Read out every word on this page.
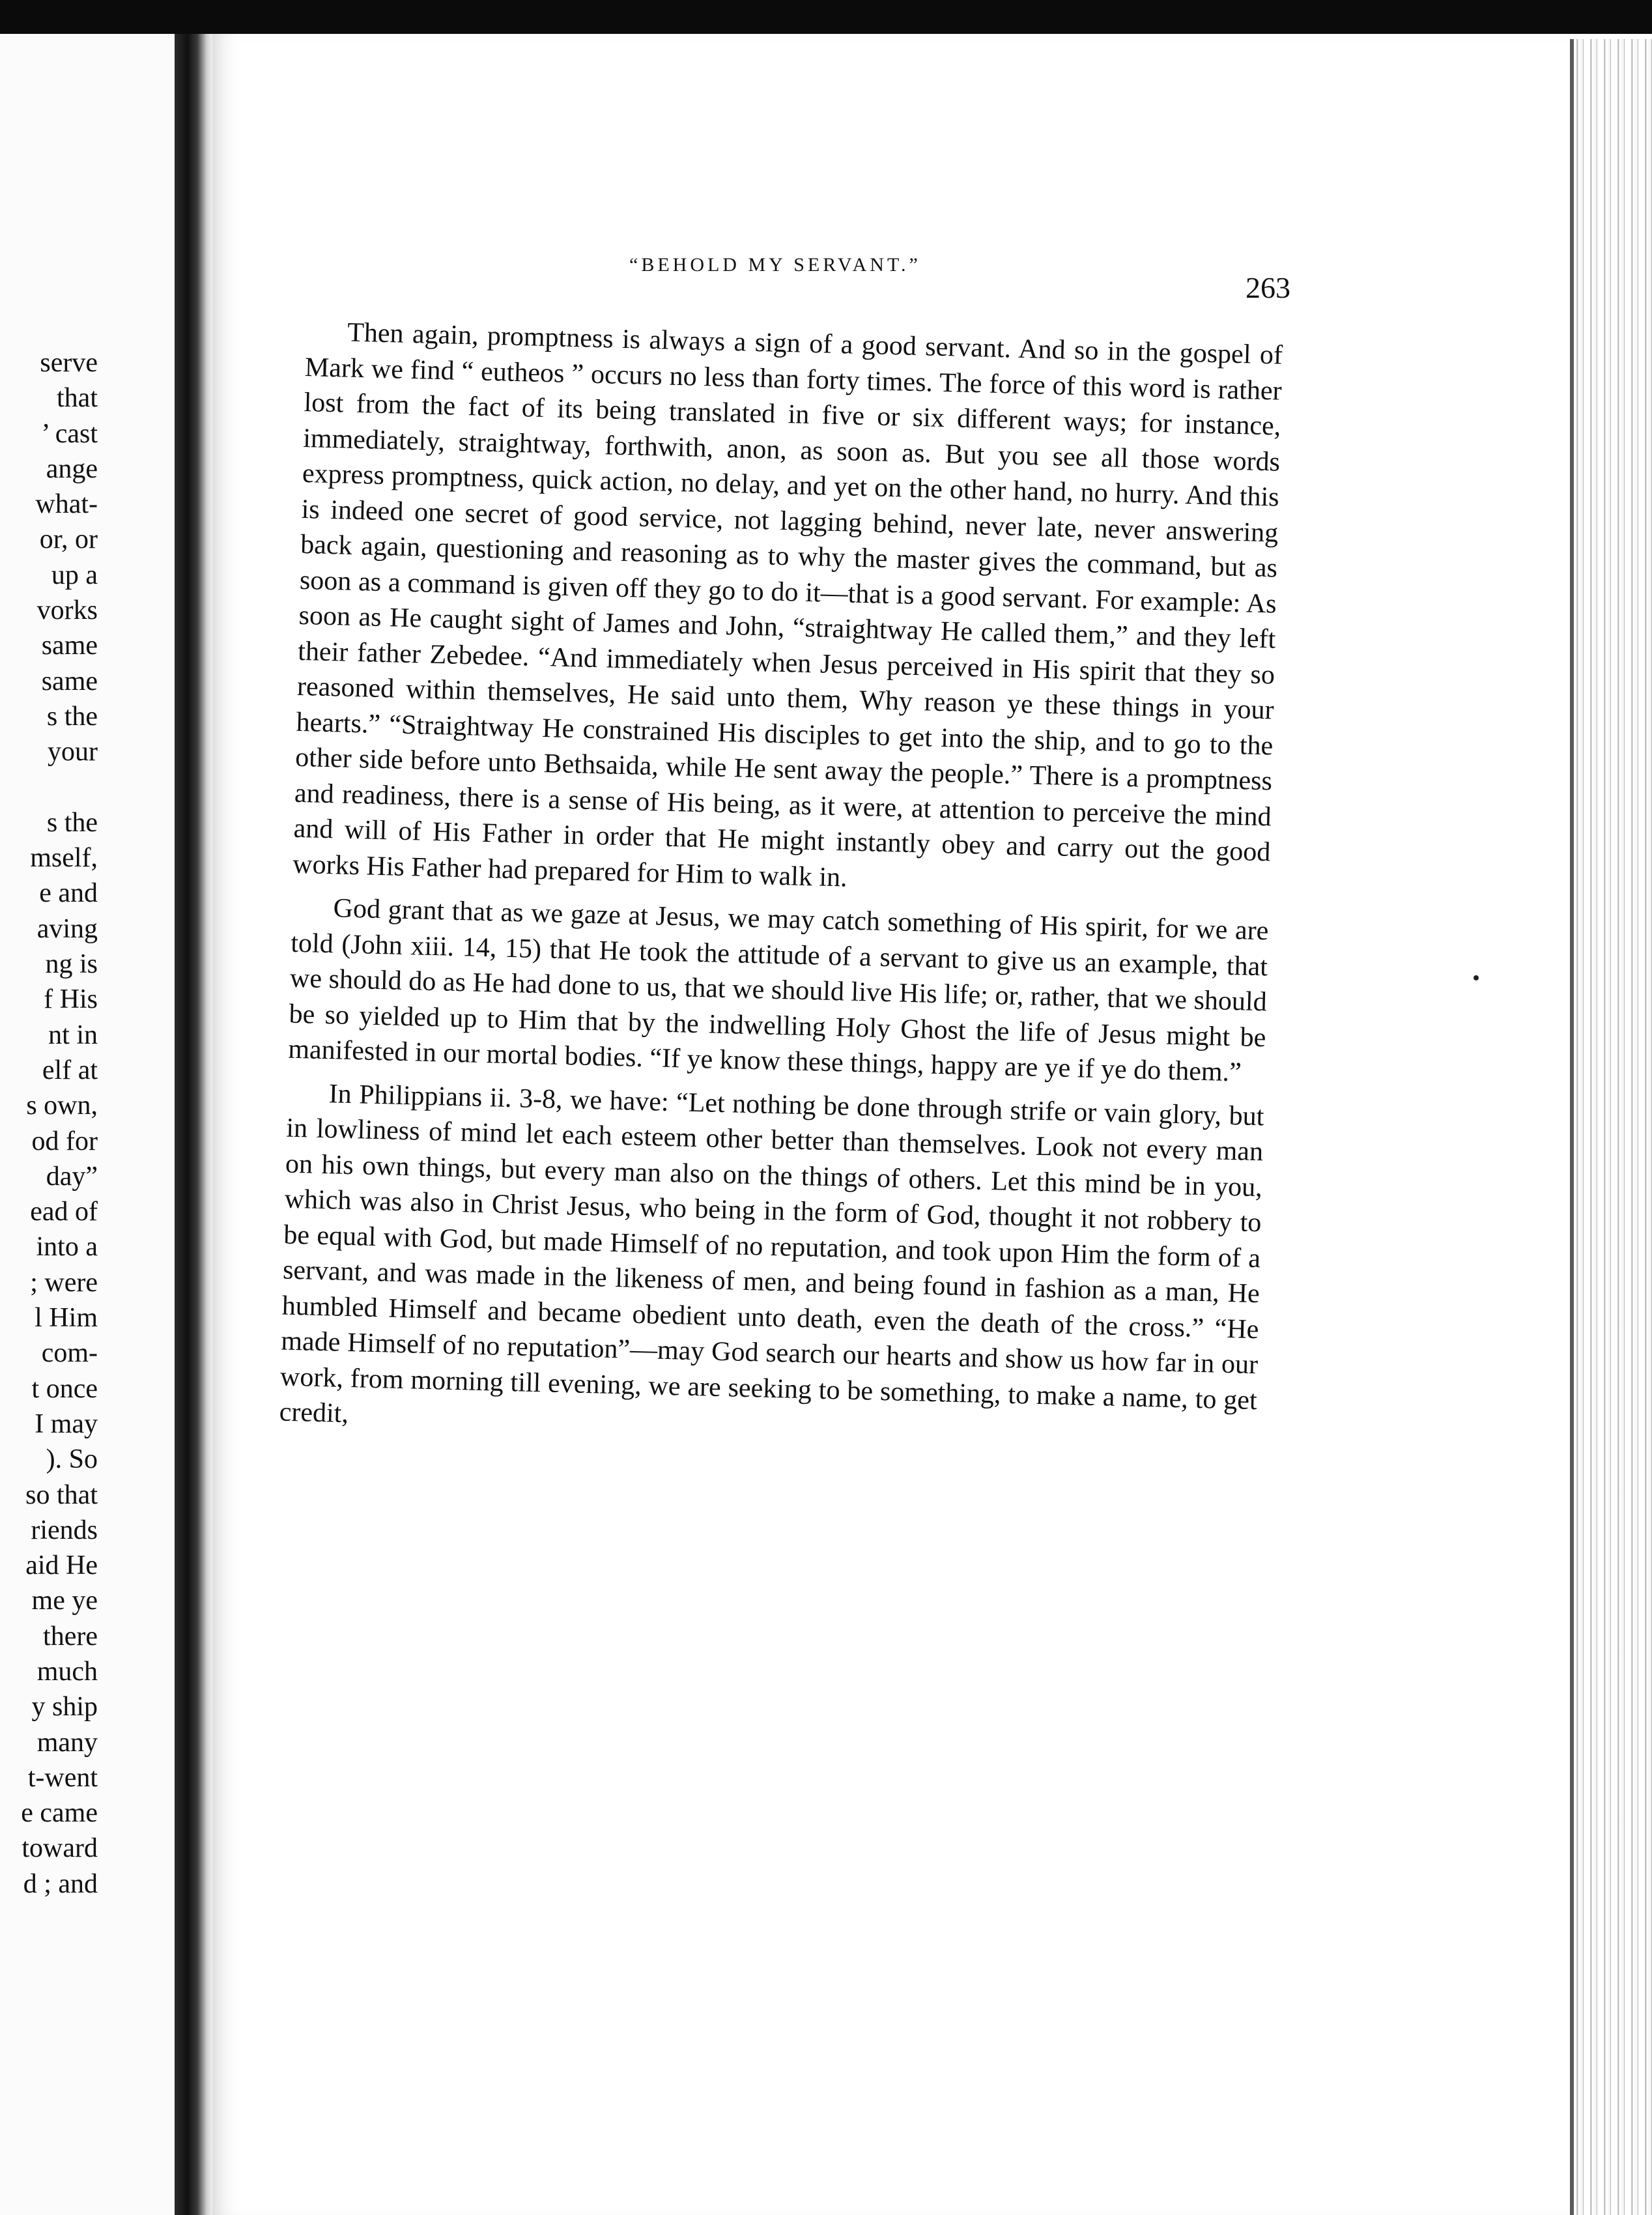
serve
that
’ cast
ange
what-
or, or
up a
vorks
same
same
s the
your

s the
mself,
e and
aving
ng is
f His
nt in
elf at
s own,
od for
day”
ead of
into a
; were
l Him
com-
t once
I may
). So
so that
riends
aid He
me ye
there
much
y ship
many
t-went
e came
toward
d ; and
“BEHOLD MY SERVANT.”
263

Then again, promptness is always a sign of a good servant. And so in the gospel of Mark we find “ eutheos ” occurs no less than forty times. The force of this word is rather lost from the fact of its being translated in five or six different ways; for instance, immediately, straightway, forthwith, anon, as soon as. But you see all those words express promptness, quick action, no delay, and yet on the other hand, no hurry. And this is indeed one secret of good service, not lagging behind, never late, never answering back again, questioning and reasoning as to why the master gives the command, but as soon as a command is given off they go to do it—that is a good servant. For example: As soon as He caught sight of James and John, “straightway He called them,” and they left their father Zebedee. “And immediately when Jesus perceived in His spirit that they so reasoned within themselves, He said unto them, Why reason ye these things in your hearts.” “Straightway He constrained His disciples to get into the ship, and to go to the other side before unto Bethsaida, while He sent away the people.” There is a promptness and readiness, there is a sense of His being, as it were, at attention to perceive the mind and will of His Father in order that He might instantly obey and carry out the good works His Father had prepared for Him to walk in.

God grant that as we gaze at Jesus, we may catch something of His spirit, for we are told (John xiii. 14, 15) that He took the attitude of a servant to give us an example, that we should do as He had done to us, that we should live His life; or, rather, that we should be so yielded up to Him that by the indwelling Holy Ghost the life of Jesus might be manifested in our mortal bodies. “If ye know these things, happy are ye if ye do them.”

In Philippians ii. 3-8, we have: “Let nothing be done through strife or vain glory, but in lowliness of mind let each esteem other better than themselves. Look not every man on his own things, but every man also on the things of others. Let this mind be in you, which was also in Christ Jesus, who being in the form of God, thought it not robbery to be equal with God, but made Himself of no reputation, and took upon Him the form of a servant, and was made in the likeness of men, and being found in fashion as a man, He humbled Himself and became obedient unto death, even the death of the cross.” “He made Himself of no reputation”—may God search our hearts and show us how far in our work, from morning till evening, we are seeking to be something, to make a name, to get credit,
